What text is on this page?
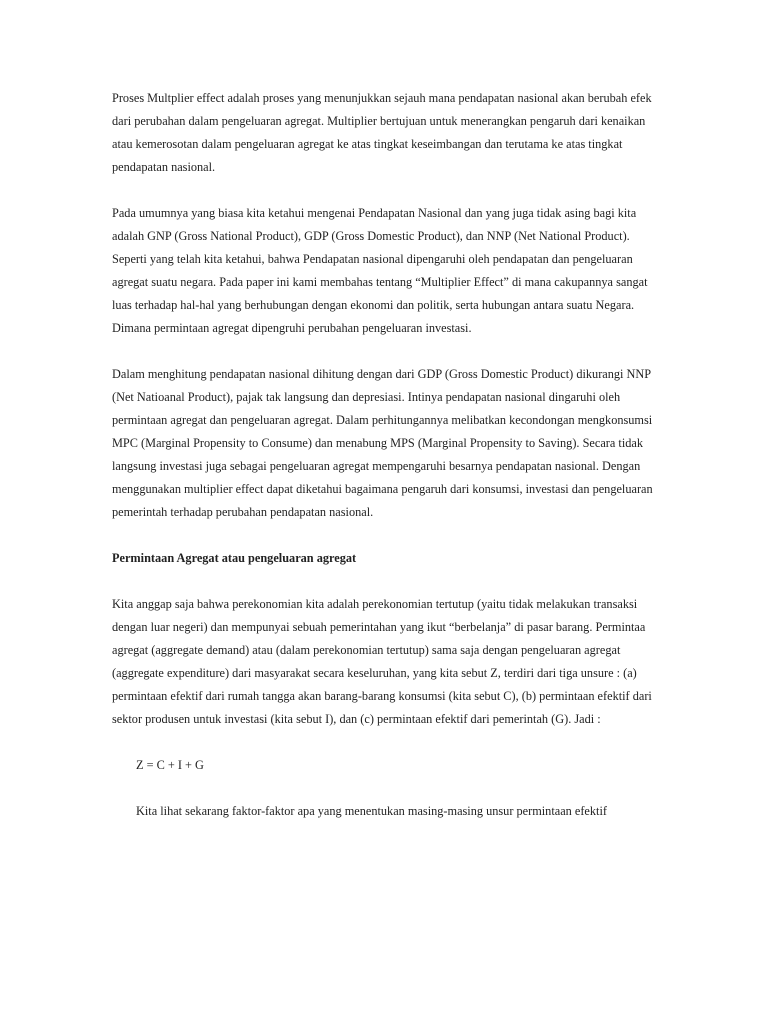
Proses Multplier effect adalah proses yang menunjukkan sejauh mana pendapatan nasional akan berubah efek dari perubahan dalam pengeluaran agregat. Multiplier bertujuan untuk menerangkan pengaruh dari kenaikan atau kemerosotan dalam pengeluaran agregat ke atas tingkat keseimbangan dan terutama ke atas tingkat pendapatan nasional.

Pada umumnya yang biasa kita ketahui mengenai Pendapatan Nasional dan yang juga tidak asing bagi kita adalah GNP (Gross National Product), GDP (Gross Domestic Product), dan NNP (Net National Product). Seperti yang telah kita ketahui, bahwa Pendapatan nasional dipengaruhi oleh pendapatan dan pengeluaran agregat suatu negara. Pada paper ini kami membahas tentang “Multiplier Effect” di mana cakupannya sangat luas terhadap hal-hal yang berhubungan dengan ekonomi dan politik, serta hubungan antara suatu Negara. Dimana permintaan agregat dipengruhi perubahan pengeluaran investasi.

Dalam menghitung pendapatan nasional dihitung dengan dari GDP (Gross Domestic Product) dikurangi NNP (Net Natioanal Product), pajak tak langsung dan depresiasi. Intinya pendapatan nasional dingaruhi oleh permintaan agregat dan pengeluaran agregat. Dalam perhitungannya melibatkan kecondongan mengkonsumsi MPC (Marginal Propensity to Consume) dan menabung MPS (Marginal Propensity to Saving). Secara tidak langsung investasi juga sebagai pengeluaran agregat mempengaruhi besarnya pendapatan nasional. Dengan menggunakan multiplier effect dapat diketahui bagaimana pengaruh dari konsumsi, investasi dan pengeluaran pemerintah terhadap perubahan pendapatan nasional.

Permintaan Agregat atau pengeluaran agregat

Kita anggap saja bahwa perekonomian kita adalah perekonomian tertutup (yaitu tidak melakukan transaksi dengan luar negeri) dan mempunyai sebuah pemerintahan yang ikut “berbelanja” di pasar barang. Permintaa agregat (aggregate demand) atau (dalam perekonomian tertutup) sama saja dengan pengeluaran agregat (aggregate expenditure) dari masyarakat secara keseluruhan, yang kita sebut Z, terdiri dari tiga unsure : (a) permintaan efektif dari rumah tangga akan barang-barang konsumsi (kita sebut C), (b) permintaan efektif dari sektor produsen untuk investasi (kita sebut I), dan (c) permintaan efektif dari pemerintah (G). Jadi :

Z = C + I + G

Kita lihat sekarang faktor-faktor apa yang menentukan masing-masing unsur permintaan efektif
